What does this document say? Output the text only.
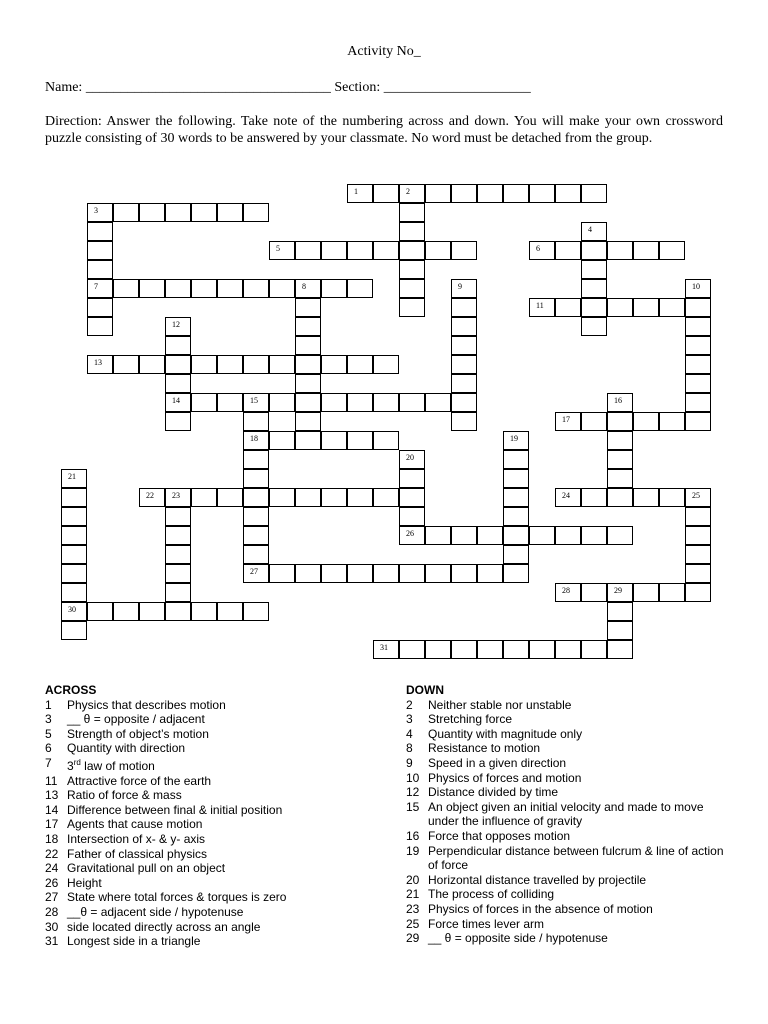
Activity No_
Name: ___________________________________ Section: _____________________
Direction: Answer the following. Take note of the numbering across and down. You will make your own crossword puzzle consisting of 30 words to be answered by your classmate. No word must be detached from the group.
1	2
3
7
4
5	6
8	9	10
11
12
14
13
15
18
16
17
19
20
21
30
22 23	24	25
26
27
28	29
31
ACROSS
1	Physics that describes motion
3	__ θ = opposite / adjacent
5	Strength of object’s motion
6	Quantity with direction
7	3rd law of motion
11 Attractive force of the earth
13 Ratio of force & mass
14 Difference between final & initial position
17 Agents that cause motion
18 Intersection of x- & y- axis
22 Father of classical physics
24 Gravitational pull on an object
26 Height
27 State where total forces & torques is zero
28 __θ = adjacent side / hypotenuse
30 side located directly across an angle
31 Longest side in a triangle
DOWN
2	Neither stable nor unstable
3	Stretching force
4	Quantity with magnitude only
8	Resistance to motion
9	Speed in a given direction
10 Physics of forces and motion
12 Distance divided by time
15 An object given an initial velocity and made to move under the influence of gravity
16 Force that opposes motion
19 Perpendicular distance between fulcrum & line of action of force
20 Horizontal distance travelled by projectile
21 The process of colliding
23 Physics of forces in the absence of motion
25 Force times lever arm
29 __ θ = opposite side / hypotenuse
